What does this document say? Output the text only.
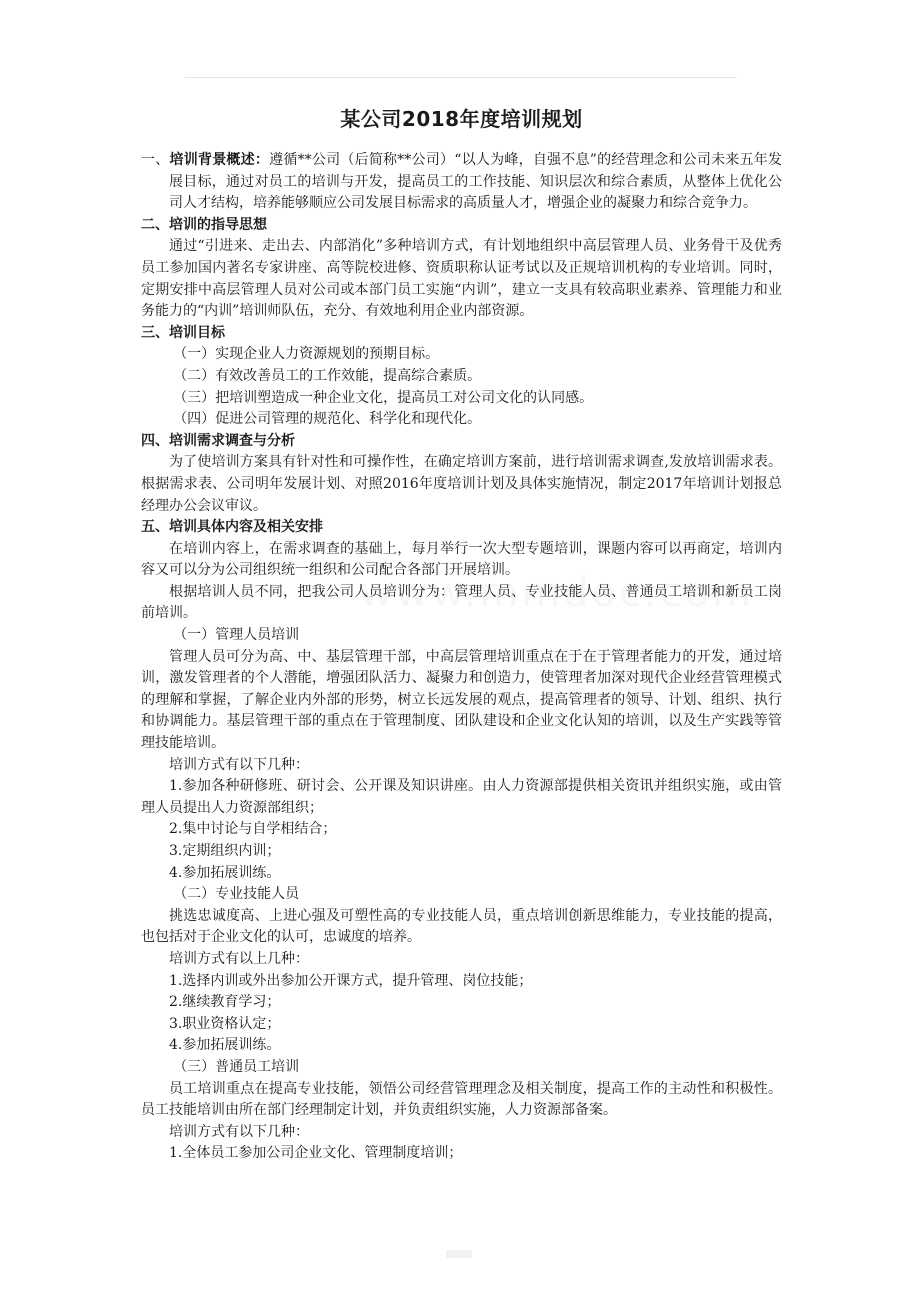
某公司2018年度培训规划

一、培训背景概述：遵循**公司（后简称**公司）“以人为峰，自强不息”的经营理念和公司未来五年发展目标，通过对员工的培训与开发，提高员工的工作技能、知识层次和综合素质，从整体上优化公司人才结构，培养能够顺应公司发展目标需求的高质量人才，增强企业的凝聚力和综合竞争力。

二、培训的指导思想

通过“引进来、走出去、内部消化”多种培训方式，有计划地组织中高层管理人员、业务骨干及优秀员工参加国内著名专家讲座、高等院校进修、资质职称认证考试以及正规培训机构的专业培训。同时，定期安排中高层管理人员对公司或本部门员工实施“内训”，建立一支具有较高职业素养、管理能力和业务能力的“内训”培训师队伍，充分、有效地利用企业内部资源。

三、培训目标

（一）实现企业人力资源规划的预期目标。

（二）有效改善员工的工作效能，提高综合素质。

（三）把培训塑造成一种企业文化，提高员工对公司文化的认同感。

（四）促进公司管理的规范化、科学化和现代化。

四、培训需求调查与分析

为了使培训方案具有针对性和可操作性，在确定培训方案前，进行培训需求调查,发放培训需求表。根据需求表、公司明年发展计划、对照2016年度培训计划及具体实施情况，制定2017年培训计划报总经理办公会议审议。

五、培训具体内容及相关安排

在培训内容上，在需求调查的基础上，每月举行一次大型专题培训，课题内容可以再商定，培训内容又可以分为公司组织统一组织和公司配合各部门开展培训。

根据培训人员不同，把我公司人员培训分为：管理人员、专业技能人员、普通员工培训和新员工岗前培训。

（一）管理人员培训

管理人员可分为高、中、基层管理干部，中高层管理培训重点在于在于管理者能力的开发，通过培训，激发管理者的个人潜能，增强团队活力、凝聚力和创造力，使管理者加深对现代企业经营管理模式的理解和掌握，了解企业内外部的形势，树立长远发展的观点，提高管理者的领导、计划、组织、执行和协调能力。基层管理干部的重点在于管理制度、团队建设和企业文化认知的培训，以及生产实践等管理技能培训。

培训方式有以下几种：

1.参加各种研修班、研讨会、公开课及知识讲座。由人力资源部提供相关资讯并组织实施，或由管理人员提出人力资源部组织；

2.集中讨论与自学相结合；

3.定期组织内训；

4.参加拓展训练。

（二）专业技能人员

挑选忠诚度高、上进心强及可塑性高的专业技能人员，重点培训创新思维能力，专业技能的提高，也包括对于企业文化的认可，忠诚度的培养。

培训方式有以上几种：

1.选择内训或外出参加公开课方式，提升管理、岗位技能；

2.继续教育学习；

3.职业资格认定；

4.参加拓展训练。

（三）普通员工培训

员工培训重点在提高专业技能，领悟公司经营管理理念及相关制度，提高工作的主动性和积极性。员工技能培训由所在部门经理制定计划，并负责组织实施，人力资源部备案。

培训方式有以下几种：

1.全体员工参加公司企业文化、管理制度培训；
